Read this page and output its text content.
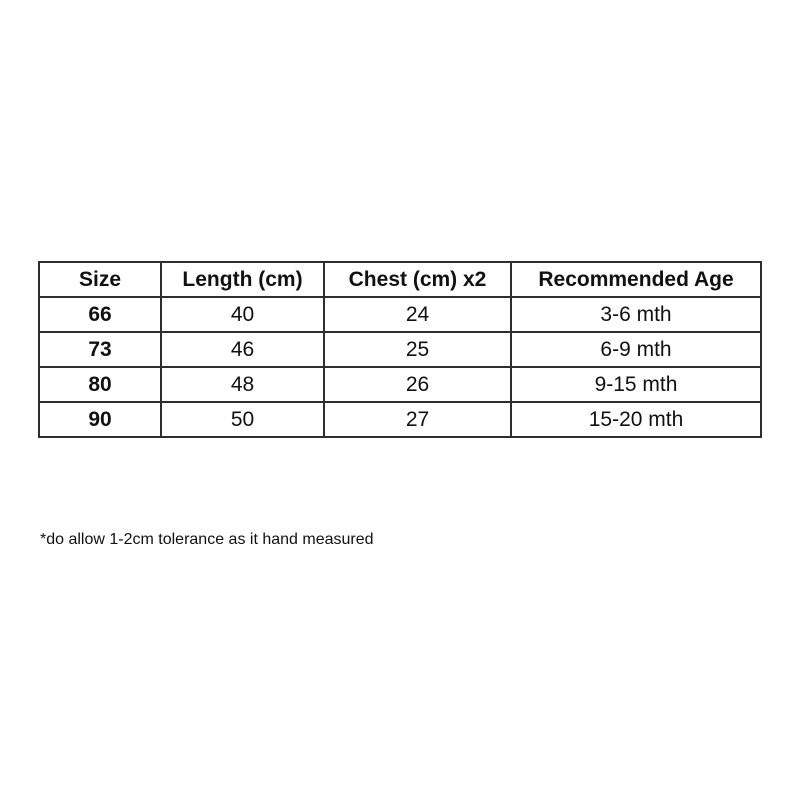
Size	Length (cm)	Chest (cm) x2	Recommended Age
66	40	24	3-6 mth
73	46	25	6-9 mth
80	48	26	9-15 mth
90	50	27	15-20 mth

*do allow 1-2cm tolerance as it hand measured
